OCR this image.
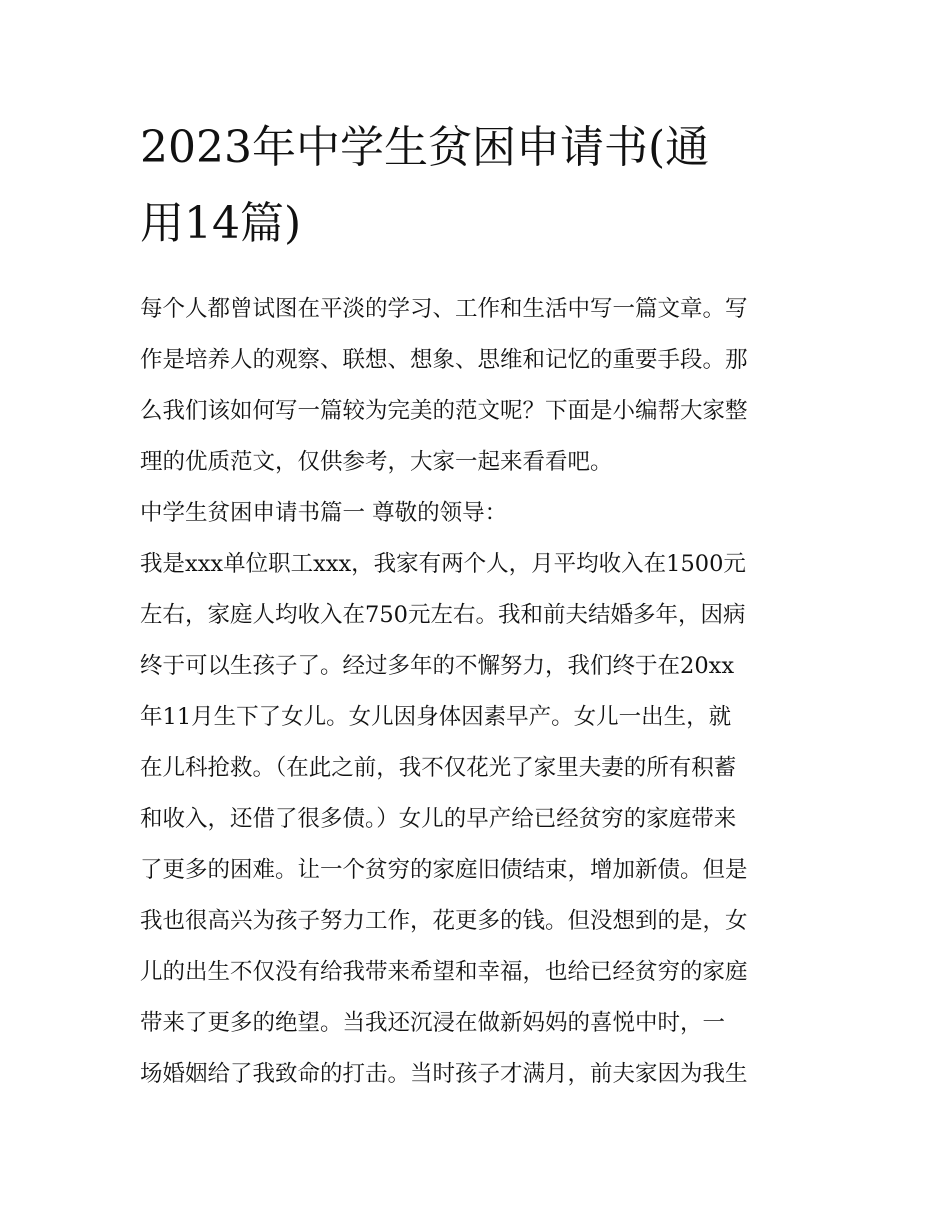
2023年中学生贫困申请书(通
用14篇)
每个人都曾试图在平淡的学习、工作和生活中写一篇文章。写
作是培养人的观察、联想、想象、思维和记忆的重要手段。那
么我们该如何写一篇较为完美的范文呢？下面是小编帮大家整
理的优质范文，仅供参考，大家一起来看看吧。
中学生贫困申请书篇一 尊敬的领导：
我是xxx单位职工xxx，我家有两个人，月平均收入在1500元
左右，家庭人均收入在750元左右。我和前夫结婚多年，因病
终于可以生孩子了。经过多年的不懈努力，我们终于在20xx
年11月生下了女儿。女儿因身体因素早产。女儿一出生，就
在儿科抢救。（在此之前，我不仅花光了家里夫妻的所有积蓄
和收入，还借了很多债。）女儿的早产给已经贫穷的家庭带来
了更多的困难。让一个贫穷的家庭旧债结束，增加新债。但是
我也很高兴为孩子努力工作，花更多的钱。但没想到的是，女
儿的出生不仅没有给我带来希望和幸福，也给已经贫穷的家庭
带来了更多的绝望。当我还沉浸在做新妈妈的喜悦中时，一
场婚姻给了我致命的打击。当时孩子才满月，前夫家因为我生
